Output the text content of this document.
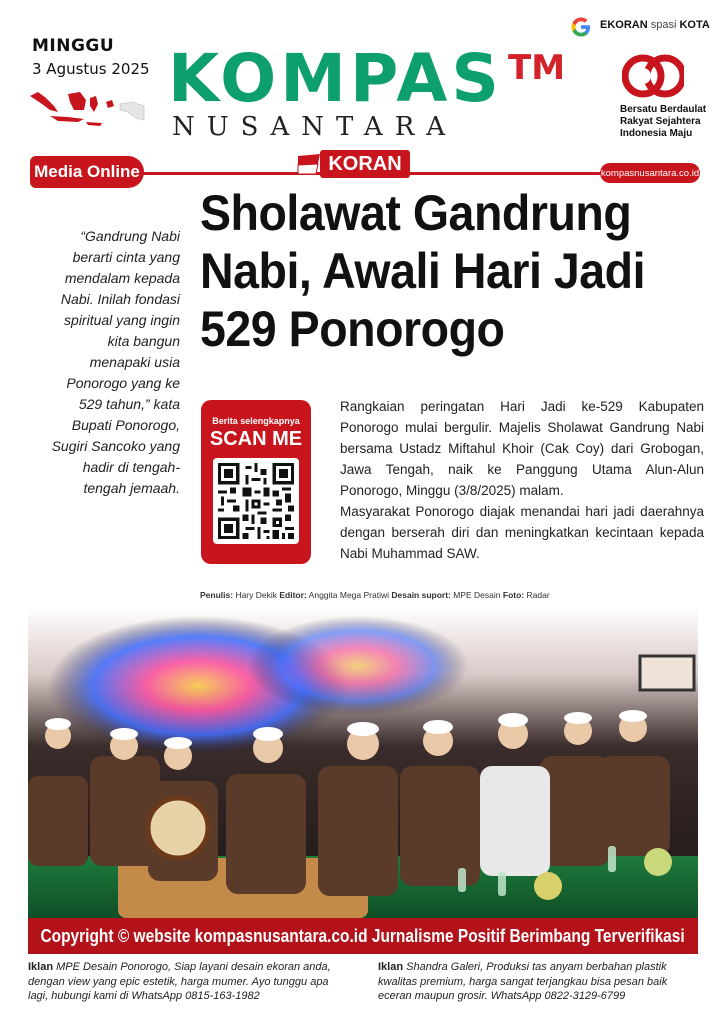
MINGGU
3 Agustus 2025 KOMPAS TM
NUSANTARA
EKORAN spasi KOTA
Bersatu Berdaulat
Rakyat Sejahtera
Indonesia Maju
Media Online	KORAN	kompasnusantara.co.id
Sholawat Gandrung
Nabi, Awali Hari Jadi
529 Ponorogo
“Gandrung Nabi berarti cinta yang mendalam kepada Nabi. Inilah fondasi spiritual yang ingin kita bangun menapaki usia Ponorogo yang ke 529 tahun,” kata Bupati Ponorogo, Sugiri Sancoko yang hadir di tengah-tengah jemaah.
Berita selengkapnya
SCAN ME

Rangkaian peringatan Hari Jadi ke-529 Kabupaten Ponorogo mulai bergulir. Majelis Sholawat Gandrung Nabi bersama Ustadz Miftahul Khoir (Cak Coy) dari Grobogan, Jawa Tengah, naik ke Panggung Utama Alun-Alun Ponorogo, Minggu (3/8/2025) malam.

Masyarakat Ponorogo diajak menandai hari jadi daerahnya dengan berserah diri dan meningkatkan kecintaan kepada Nabi Muhammad SAW.

Penulis: Hary Dekik Editor: Anggita Mega Pratiwi Desain suport: MPE Desain Foto: Radar
Copyright © website kompasnusantara.co.id Jurnalisme Positif Berimbang Terverifikasi
Iklan MPE Desain Ponorogo, Siap layani desain ekoran anda, dengan view yang epic estetik, harga mumer. Ayo tunggu apa lagi, hubungi kami di WhatsApp 0815-163-1982
Iklan Shandra Galeri, Produksi tas anyam berbahan plastik kwalitas premium, harga sangat terjangkau bisa pesan baik eceran maupun grosir. WhatsApp 0822-3129-6799
